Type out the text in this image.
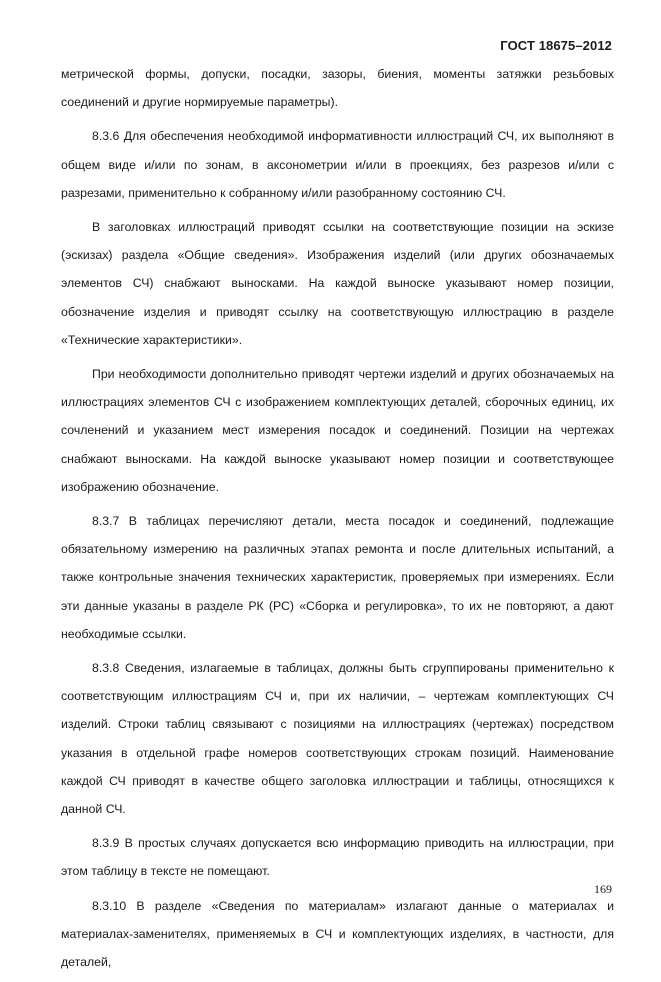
ГОСТ 18675–2012

метрической формы, допуски, посадки, зазоры, биения, моменты затяжки резьбовых соединений и другие нормируемые параметры).

8.3.6 Для обеспечения необходимой информативности иллюстраций СЧ, их выполняют в общем виде и/или по зонам, в аксонометрии и/или в проекциях, без разрезов и/или с разрезами, применительно к собранному и/или разобранному состоянию СЧ.

В заголовках иллюстраций приводят ссылки на соответствующие позиции на эскизе (эскизах) раздела «Общие сведения». Изображения изделий (или других обозначаемых элементов СЧ) снабжают выносками. На каждой выноске указывают номер позиции, обозначение изделия и приводят ссылку на соответствующую иллюстрацию в разделе «Технические характеристики».

При необходимости дополнительно приводят чертежи изделий и других обозначаемых на иллюстрациях элементов СЧ с изображением комплектующих деталей, сборочных единиц, их сочленений и указанием мест измерения посадок и соединений. Позиции на чертежах снабжают выносками. На каждой выноске указывают номер позиции и соответствующее изображению обозначение.

8.3.7 В таблицах перечисляют детали, места посадок и соединений, подлежащие обязательному измерению на различных этапах ремонта и после длительных испытаний, а также контрольные значения технических характеристик, проверяемых при измерениях. Если эти данные указаны в разделе РК (РС) «Сборка и регулировка», то их не повторяют, а дают необходимые ссылки.

8.3.8 Сведения, излагаемые в таблицах, должны быть сгруппированы применительно к соответствующим иллюстрациям СЧ и, при их наличии, – чертежам комплектующих СЧ изделий. Строки таблиц связывают с позициями на иллюстрациях (чертежах) посредством указания в отдельной графе номеров соответствующих строкам позиций. Наименование каждой СЧ приводят в качестве общего заголовка иллюстрации и таблицы, относящихся к данной СЧ.

8.3.9 В простых случаях допускается всю информацию приводить на иллюстрации, при этом таблицу в тексте не помещают.

8.3.10 В разделе «Сведения по материалам» излагают данные о материалах и материалах-заменителях, применяемых в СЧ и комплектующих изделиях, в частности, для деталей,

169
